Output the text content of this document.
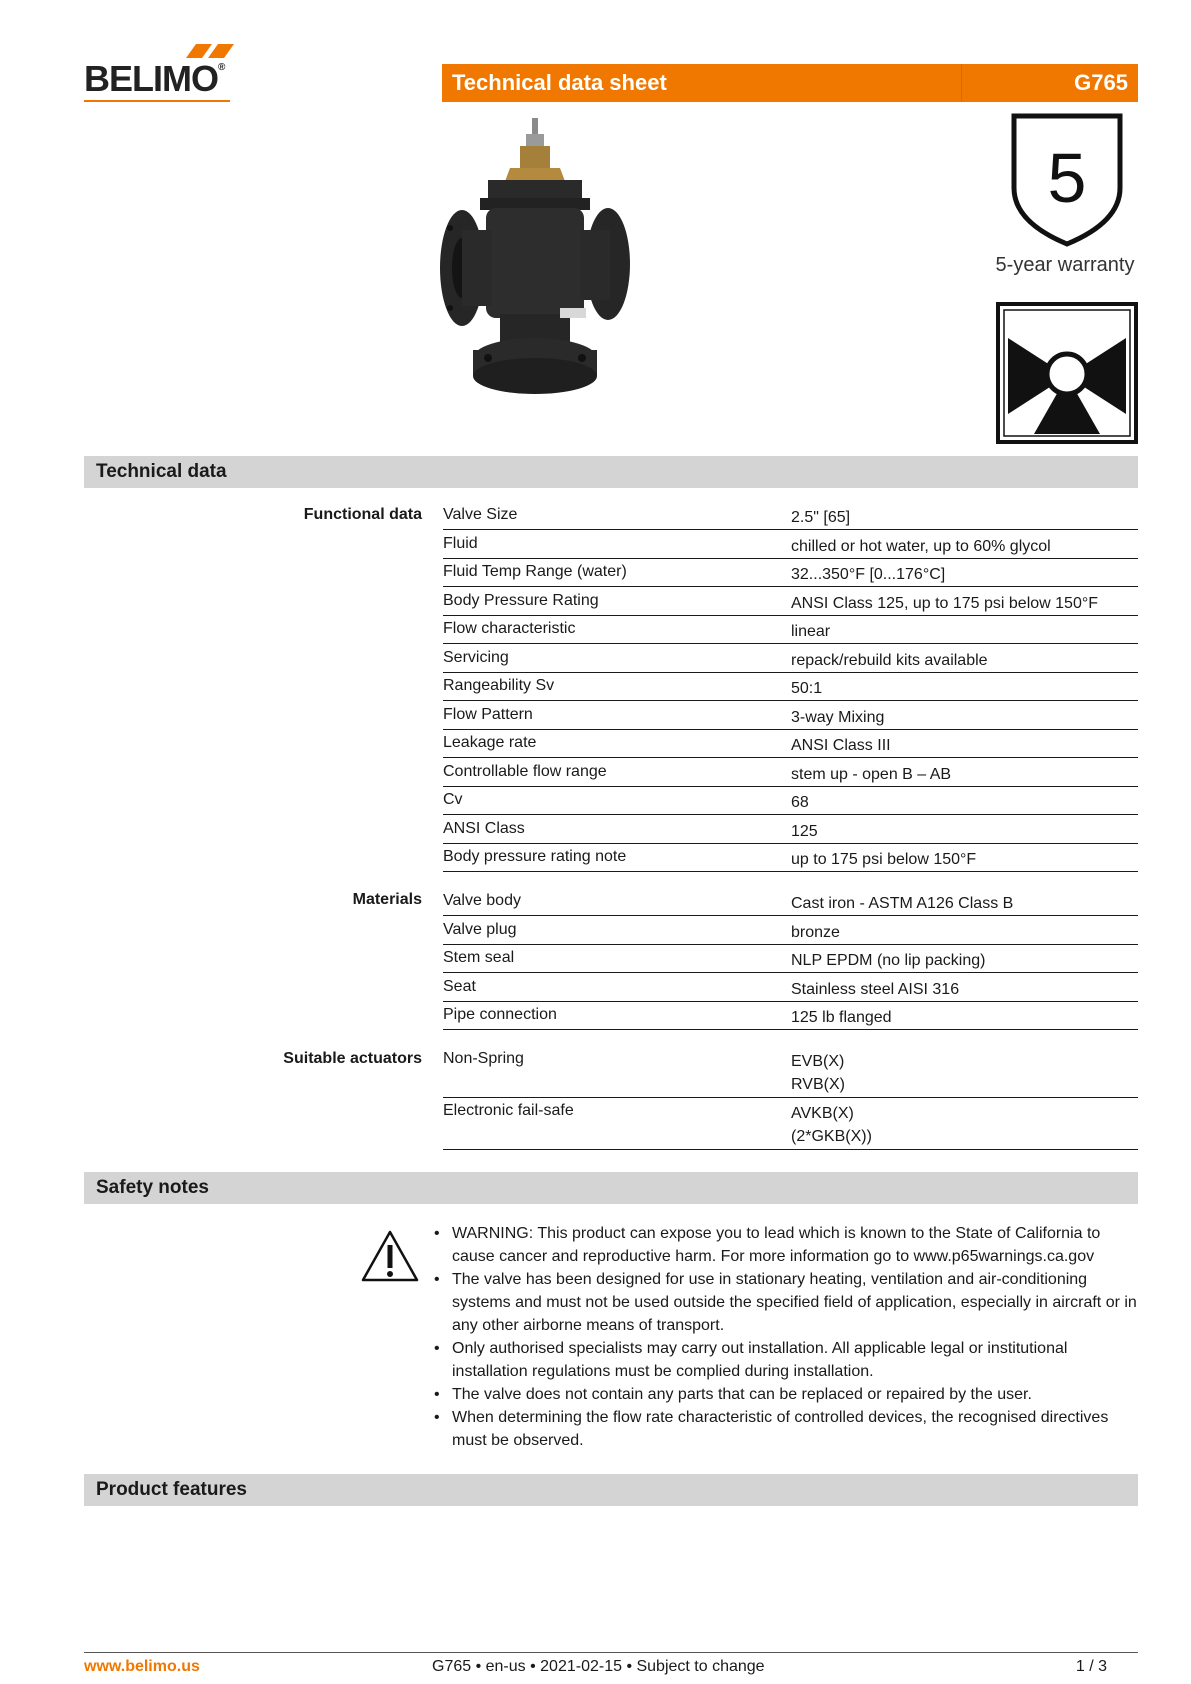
BELIMO®
Technical data sheet	G765
5
5-year warranty
Technical data
Functional data Valve Size	2.5" [65]
Fluid	chilled or hot water, up to 60% glycol
Fluid Temp Range (water)	32...350°F [0...176°C]
Body Pressure Rating	ANSI Class 125, up to 175 psi below 150°F
Flow characteristic	linear
Servicing	repack/rebuild kits available
Rangeability Sv	50:1
Flow Pattern	3-way Mixing
Leakage rate	ANSI Class III
Controllable flow range	stem up - open B – AB
Cv	68
ANSI Class	125
Body pressure rating note	up to 175 psi below 150°F
Materials Valve body	Cast iron - ASTM A126 Class B
Valve plug	bronze
Stem seal	NLP EPDM (no lip packing)
Seat	Stainless steel AISI 316
Pipe connection	125 lb flanged
Suitable actuators Non-Spring	EVB(X)
RVB(X)
Electronic fail-safe	AVKB(X)
(2*GKB(X))
Safety notes
• WARNING: This product can expose you to lead which is known to the State of California to cause cancer and reproductive harm. For more information go to www.p65warnings.ca.gov
• The valve has been designed for use in stationary heating, ventilation and air-conditioning systems and must not be used outside the specified field of application, especially in aircraft or in any other airborne means of transport.
• Only authorised specialists may carry out installation. All applicable legal or institutional installation regulations must be complied during installation.
• The valve does not contain any parts that can be replaced or repaired by the user.
• When determining the flow rate characteristic of controlled devices, the recognised directives must be observed.
Product features
www.belimo.us	G765 • en-us • 2021-02-15 • Subject to change	1 / 3
